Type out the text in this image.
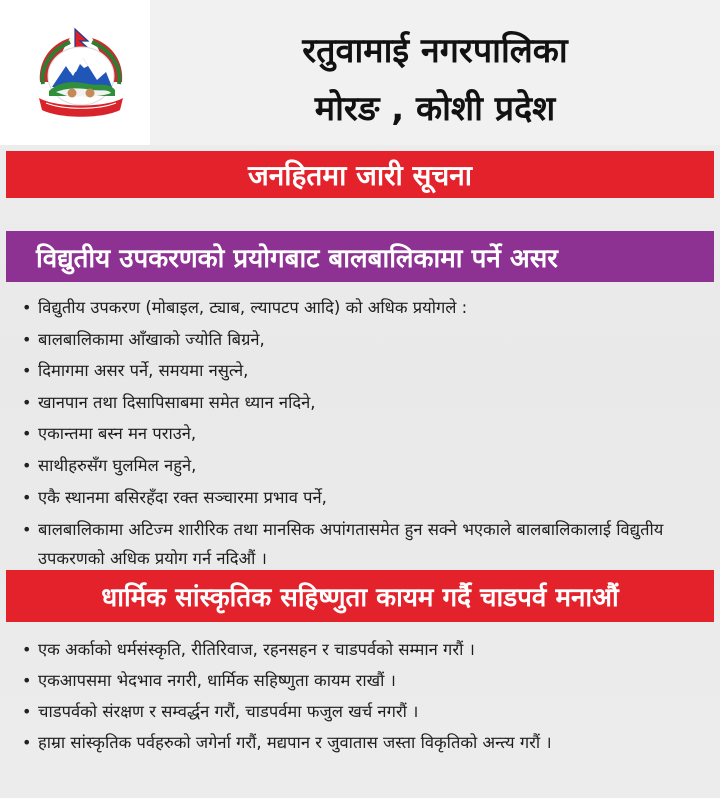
रतुवामाई नगरपालिका
मोरङ , कोशी प्रदेश
जनहितमा जारी सूचना
विद्युतीय उपकरणको प्रयोगबाट बालबालिकामा पर्ने असर
• विद्युतीय उपकरण (मोबाइल, ट्याब, ल्यापटप आदि) को अधिक प्रयोगले :
• बालबालिकामा आँखाको ज्योति बिग्रने,
• दिमागमा असर पर्ने, समयमा नसुत्ने,
• खानपान तथा दिसापिसाबमा समेत ध्यान नदिने,
• एकान्तमा बस्न मन पराउने,
• साथीहरुसँग घुलमिल नहुने,
• एकै स्थानमा बसिरहँदा रक्त सञ्चारमा प्रभाव पर्ने,
• बालबालिकामा अटिज्म शारीरिक तथा मानसिक अपांगतासमेत हुन सक्ने भएकाले बालबालिकालाई विद्युतीय उपकरणको अधिक प्रयोग गर्न नदिऔं ।
धार्मिक सांस्कृतिक सहिष्णुता कायम गर्दै चाडपर्व मनाऔं
• एक अर्काको धर्मसंस्कृति, रीतिरिवाज, रहनसहन र चाडपर्वको सम्मान गरौं ।
• एकआपसमा भेदभाव नगरी, धार्मिक सहिष्णुता कायम राखौं ।
• चाडपर्वको संरक्षण र सम्वर्द्धन गरौं, चाडपर्वमा फजुल खर्च नगरौं ।
• हाम्रा सांस्कृतिक पर्वहरुको जगेर्ना गरौं, मद्यपान र जुवातास जस्ता विकृतिको अन्त्य गरौं ।
